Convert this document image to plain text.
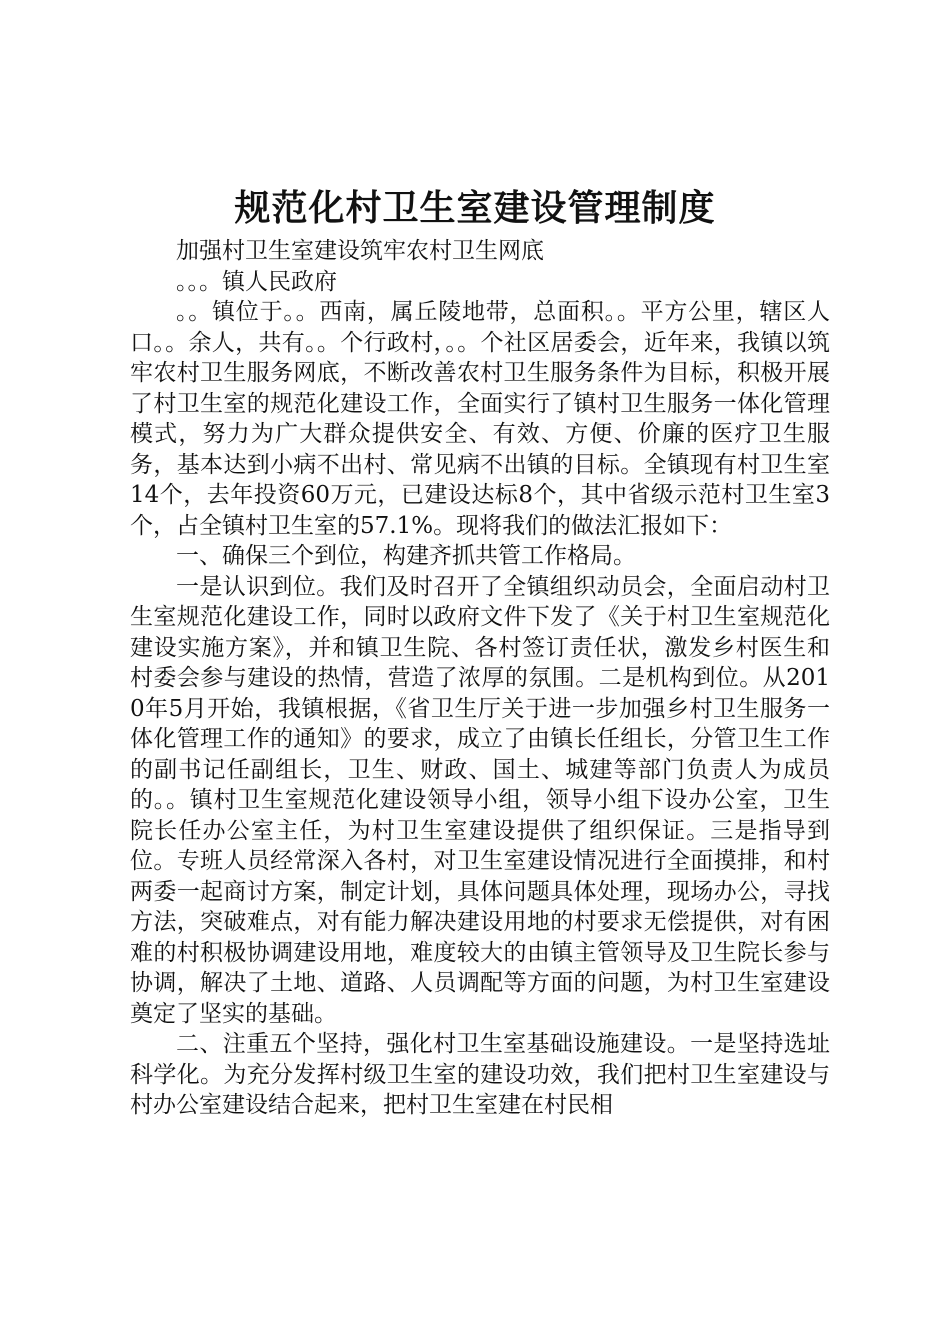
规范化村卫生室建设管理制度

加强村卫生室建设筑牢农村卫生网底

。。。镇人民政府

。。镇位于。。西南，属丘陵地带，总面积。。平方公里，辖区人口。。余人，共有。。个行政村，。。个社区居委会，近年来，我镇以筑牢农村卫生服务网底，不断改善农村卫生服务条件为目标，积极开展了村卫生室的规范化建设工作，全面实行了镇村卫生服务一体化管理模式，努力为广大群众提供安全、有效、方便、价廉的医疗卫生服务，基本达到小病不出村、常见病不出镇的目标。全镇现有村卫生室14个，去年投资60万元，已建设达标8个，其中省级示范村卫生室3个，占全镇村卫生室的57.1%。现将我们的做法汇报如下：

一、确保三个到位，构建齐抓共管工作格局。

一是认识到位。我们及时召开了全镇组织动员会，全面启动村卫生室规范化建设工作，同时以政府文件下发了《关于村卫生室规范化建设实施方案》，并和镇卫生院、各村签订责任状，激发乡村医生和村委会参与建设的热情，营造了浓厚的氛围。二是机构到位。从2010年5月开始，我镇根据，《省卫生厅关于进一步加强乡村卫生服务一体化管理工作的通知》的要求，成立了由镇长任组长，分管卫生工作的副书记任副组长，卫生、财政、国土、城建等部门负责人为成员的。。镇村卫生室规范化建设领导小组，领导小组下设办公室，卫生院长任办公室主任，为村卫生室建设提供了组织保证。三是指导到位。专班人员经常深入各村，对卫生室建设情况进行全面摸排，和村两委一起商讨方案，制定计划，具体问题具体处理，现场办公，寻找方法，突破难点，对有能力解决建设用地的村要求无偿提供，对有困难的村积极协调建设用地，难度较大的由镇主管领导及卫生院长参与协调，解决了土地、道路、人员调配等方面的问题，为村卫生室建设奠定了坚实的基础。

二、注重五个坚持，强化村卫生室基础设施建设。一是坚持选址科学化。为充分发挥村级卫生室的建设功效，我们把村卫生室建设与村办公室建设结合起来，把村卫生室建在村民相
